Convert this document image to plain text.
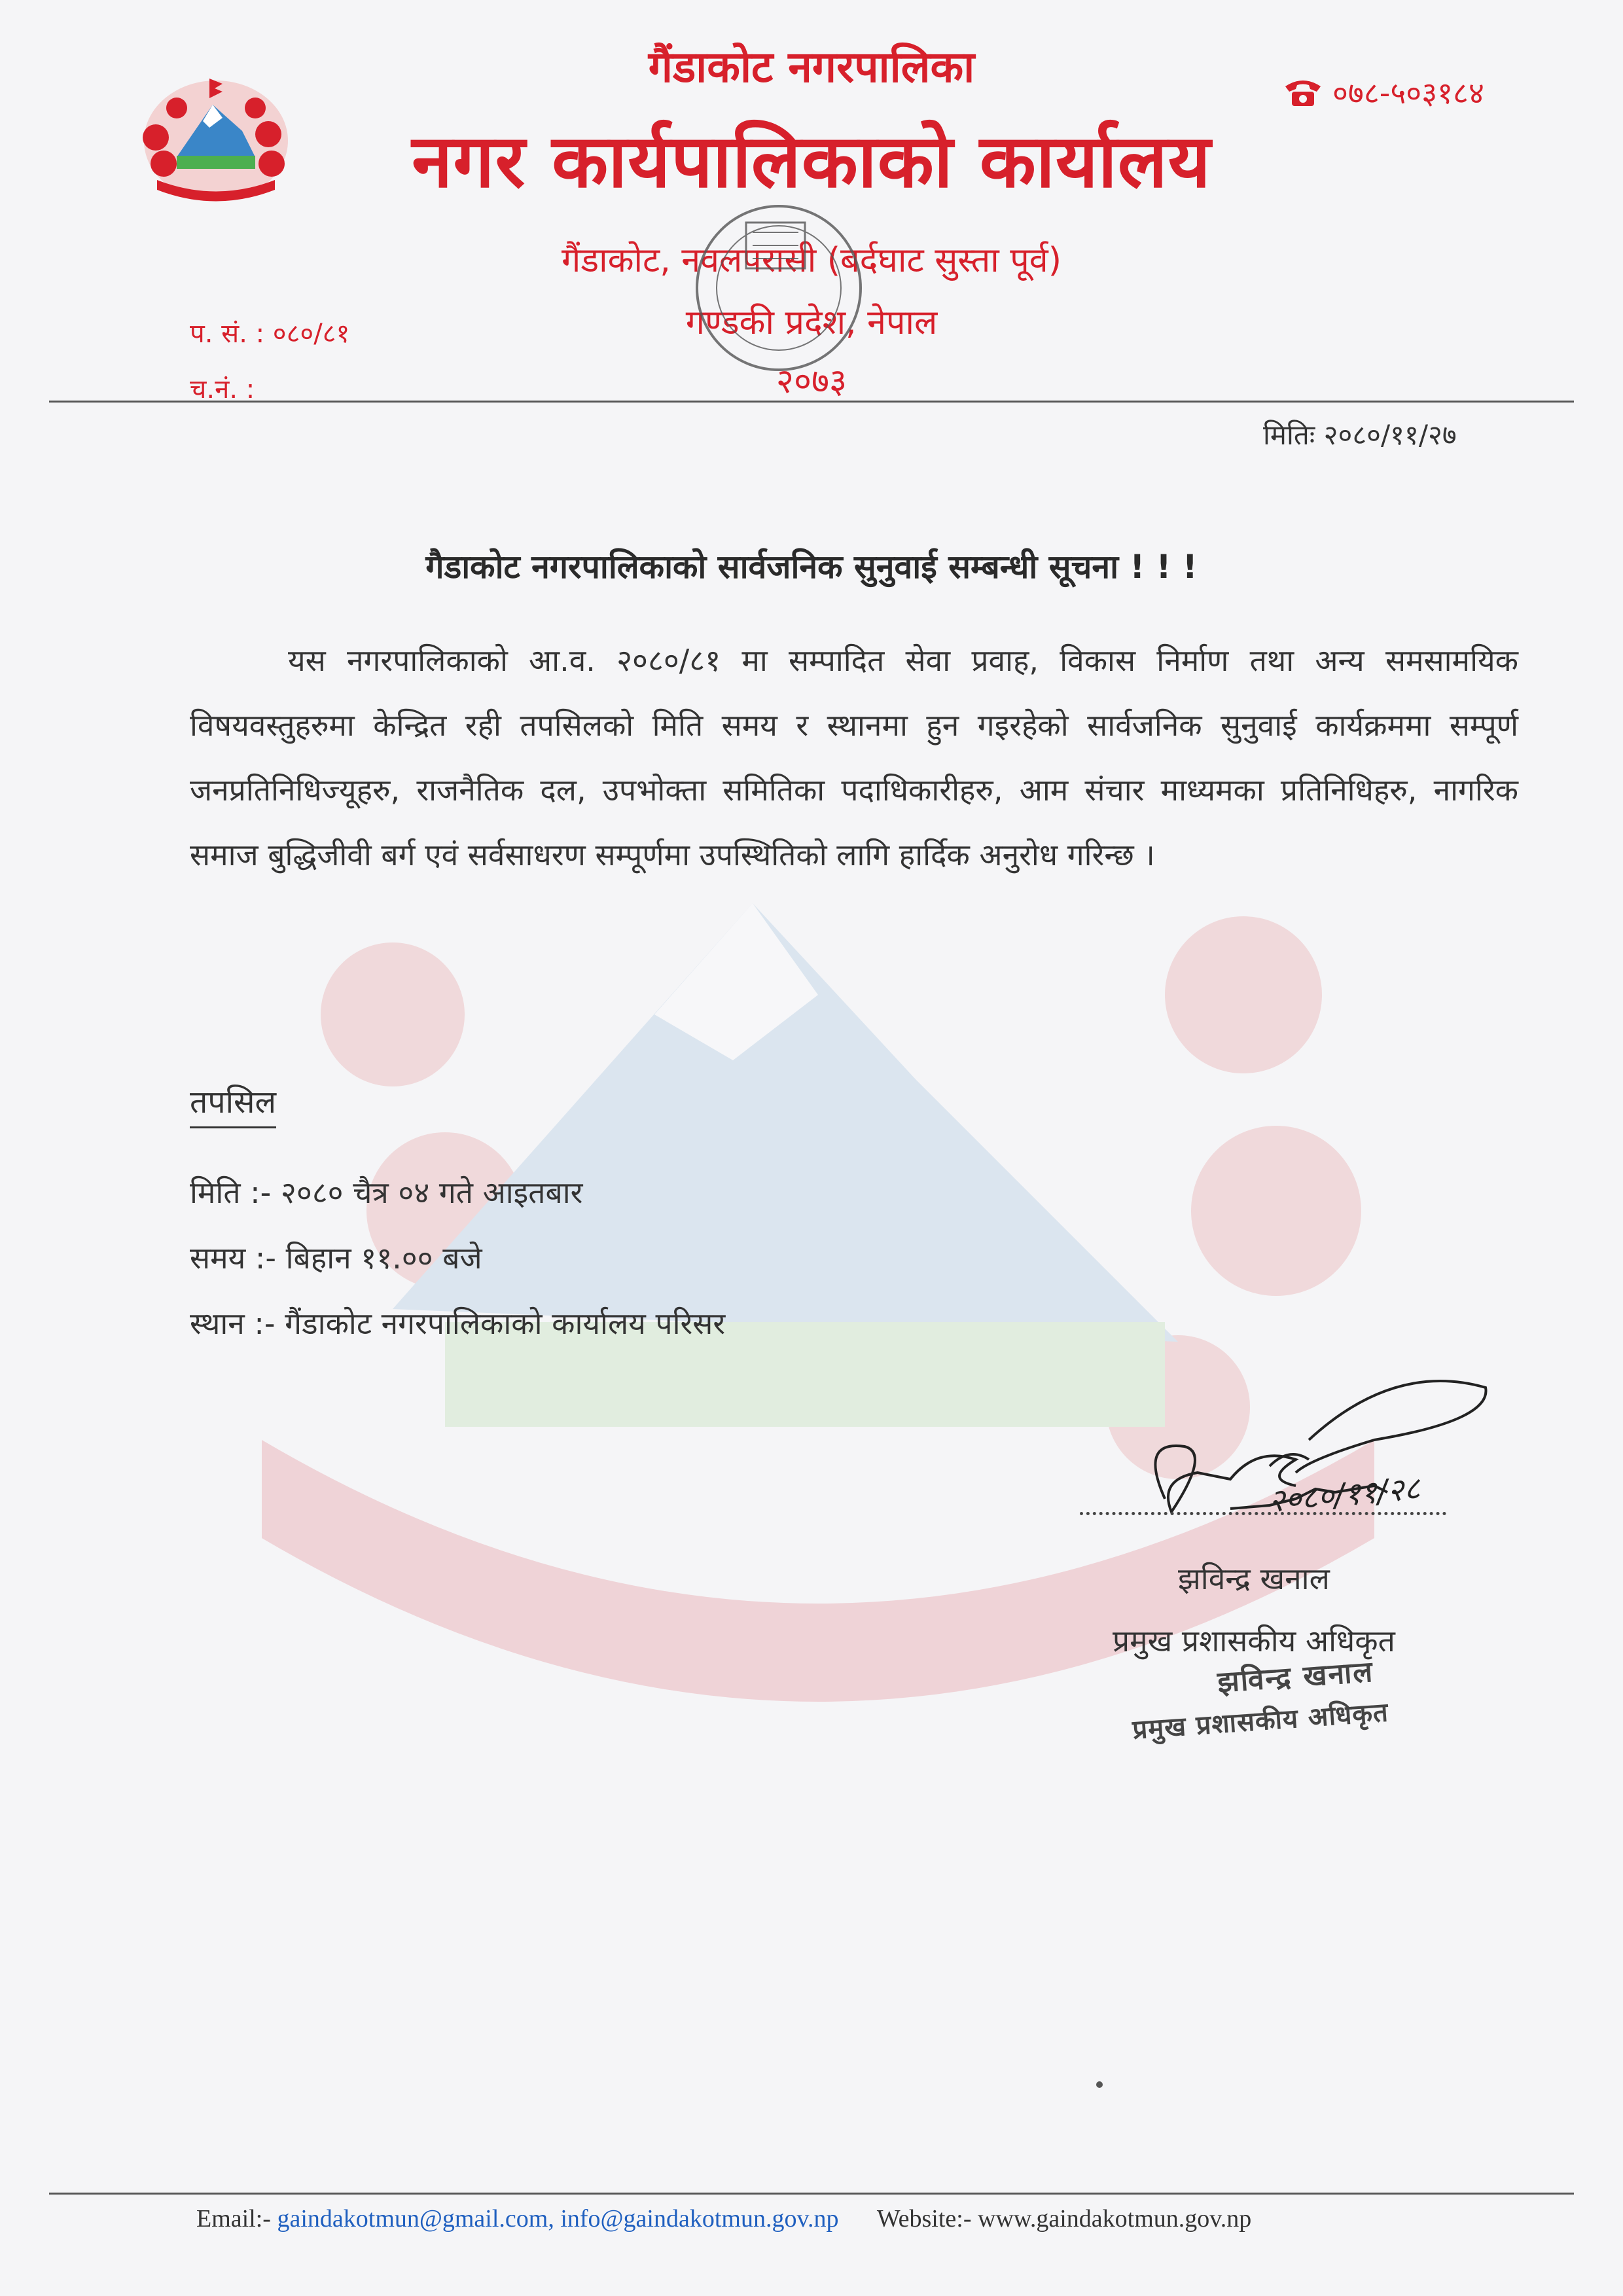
गैंडाकोट नगरपालिका
नगर कार्यपालिकाको कार्यालय
०७८-५०३१८४
गैंडाकोट, नवलपरासी (बर्दघाट सुस्ता पूर्व)
गण्डकी प्रदेश, नेपाल
२०७३
प. सं. : ०८०/८१
च.नं. :
मितिः २०८०/११/२७
गैडाकोट नगरपालिकाको सार्वजनिक सुनुवाई सम्बन्धी सूचना ! ! !
यस नगरपालिकाको आ.व. २०८०/८१ मा सम्पादित सेवा प्रवाह, विकास निर्माण तथा अन्य समसामयिक विषयवस्तुहरुमा केन्द्रित रही तपसिलको मिति समय र स्थानमा हुन गइरहेको सार्वजनिक सुनुवाई कार्यक्रममा सम्पूर्ण जनप्रतिनिधिज्यूहरु, राजनैतिक दल, उपभोक्ता समितिका पदाधिकारीहरु, आम संचार माध्यमका प्रतिनिधिहरु, नागरिक समाज बुद्धिजीवी बर्ग एवं सर्वसाधरण सम्पूर्णमा उपस्थितिको लागि हार्दिक अनुरोध गरिन्छ ।
तपसिल
मिति :- २०८० चैत्र ०४ गते आइतबार
समय :- बिहान ११.०० बजे
स्थान :- गैंडाकोट नगरपालिकाको कार्यालय परिसर
२०८०/११/२८
झविन्द्र खनाल
प्रमुख प्रशासकीय अधिकृत
झविन्द्र खनाल
प्रमुख प्रशासकीय अधिकृत
Email:- gaindakotmun@gmail.com, info@gaindakotmun.gov.np Website:- www.gaindakotmun.gov.np
